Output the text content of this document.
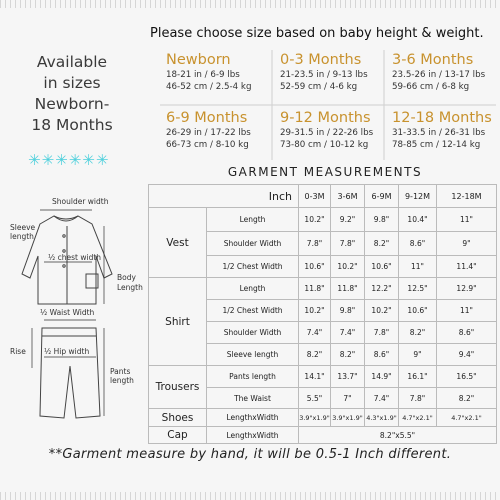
Please choose size based on baby height & weight.
Available
in sizes
Newborn-
18 Months
✳✳✳✳✳✳
Newborn
18-21 in / 6-9 lbs
46-52 cm / 2.5-4 kg
0-3 Months
21-23.5 in / 9-13 lbs
52-59 cm / 4-6 kg
3-6 Months
23.5-26 in / 13-17 lbs
59-66 cm / 6-8 kg
6-9 Months
26-29 in / 17-22 lbs
66-73 cm / 8-10 kg
9-12 Months
29-31.5 in / 22-26 lbs
73-80 cm / 10-12 kg
12-18 Months
31-33.5 in / 26-31 lbs
78-85 cm / 12-14 kg
GARMENT MEASUREMENTS
Shoulder width
Sleeve
length
½ chest width
Body
Length
½ Waist Width
Rise ½ Hip width
Pants
length
Inch		0-3M	3-6M	6-9M	9-12M	12-18M
Vest	Length	10.2"	9.2"	9.8"	10.4"	11"
	Shoulder Width	7.8"	7.8"	8.2"	8.6"	9"
	1/2 Chest Width	10.6"	10.2"	10.6"	11"	11.4"
Shirt	Length	11.8"	11.8"	12.2"	12.5"	12.9"
	1/2 Chest Width	10.2"	9.8"	10.2"	10.6"	11"
	Shoulder Width	7.4"	7.4"	7.8"	8.2"	8.6"
	Sleeve length	8.2"	8.2"	8.6"	9"	9.4"
Trousers	Pants length	14.1"	13.7"	14.9"	16.1"	16.5"
	The Waist	5.5"	7"	7.4"	7.8"	8.2"
Shoes	LengthxWidth	3.9"x1.9"	3.9"x1.9"	4.3"x1.9"	4.7"x2.1"	4.7"x2.1"
Cap	LengthxWidth	8.2"x5.5"				
**Garment measure by hand, it will be 0.5-1 Inch different.
